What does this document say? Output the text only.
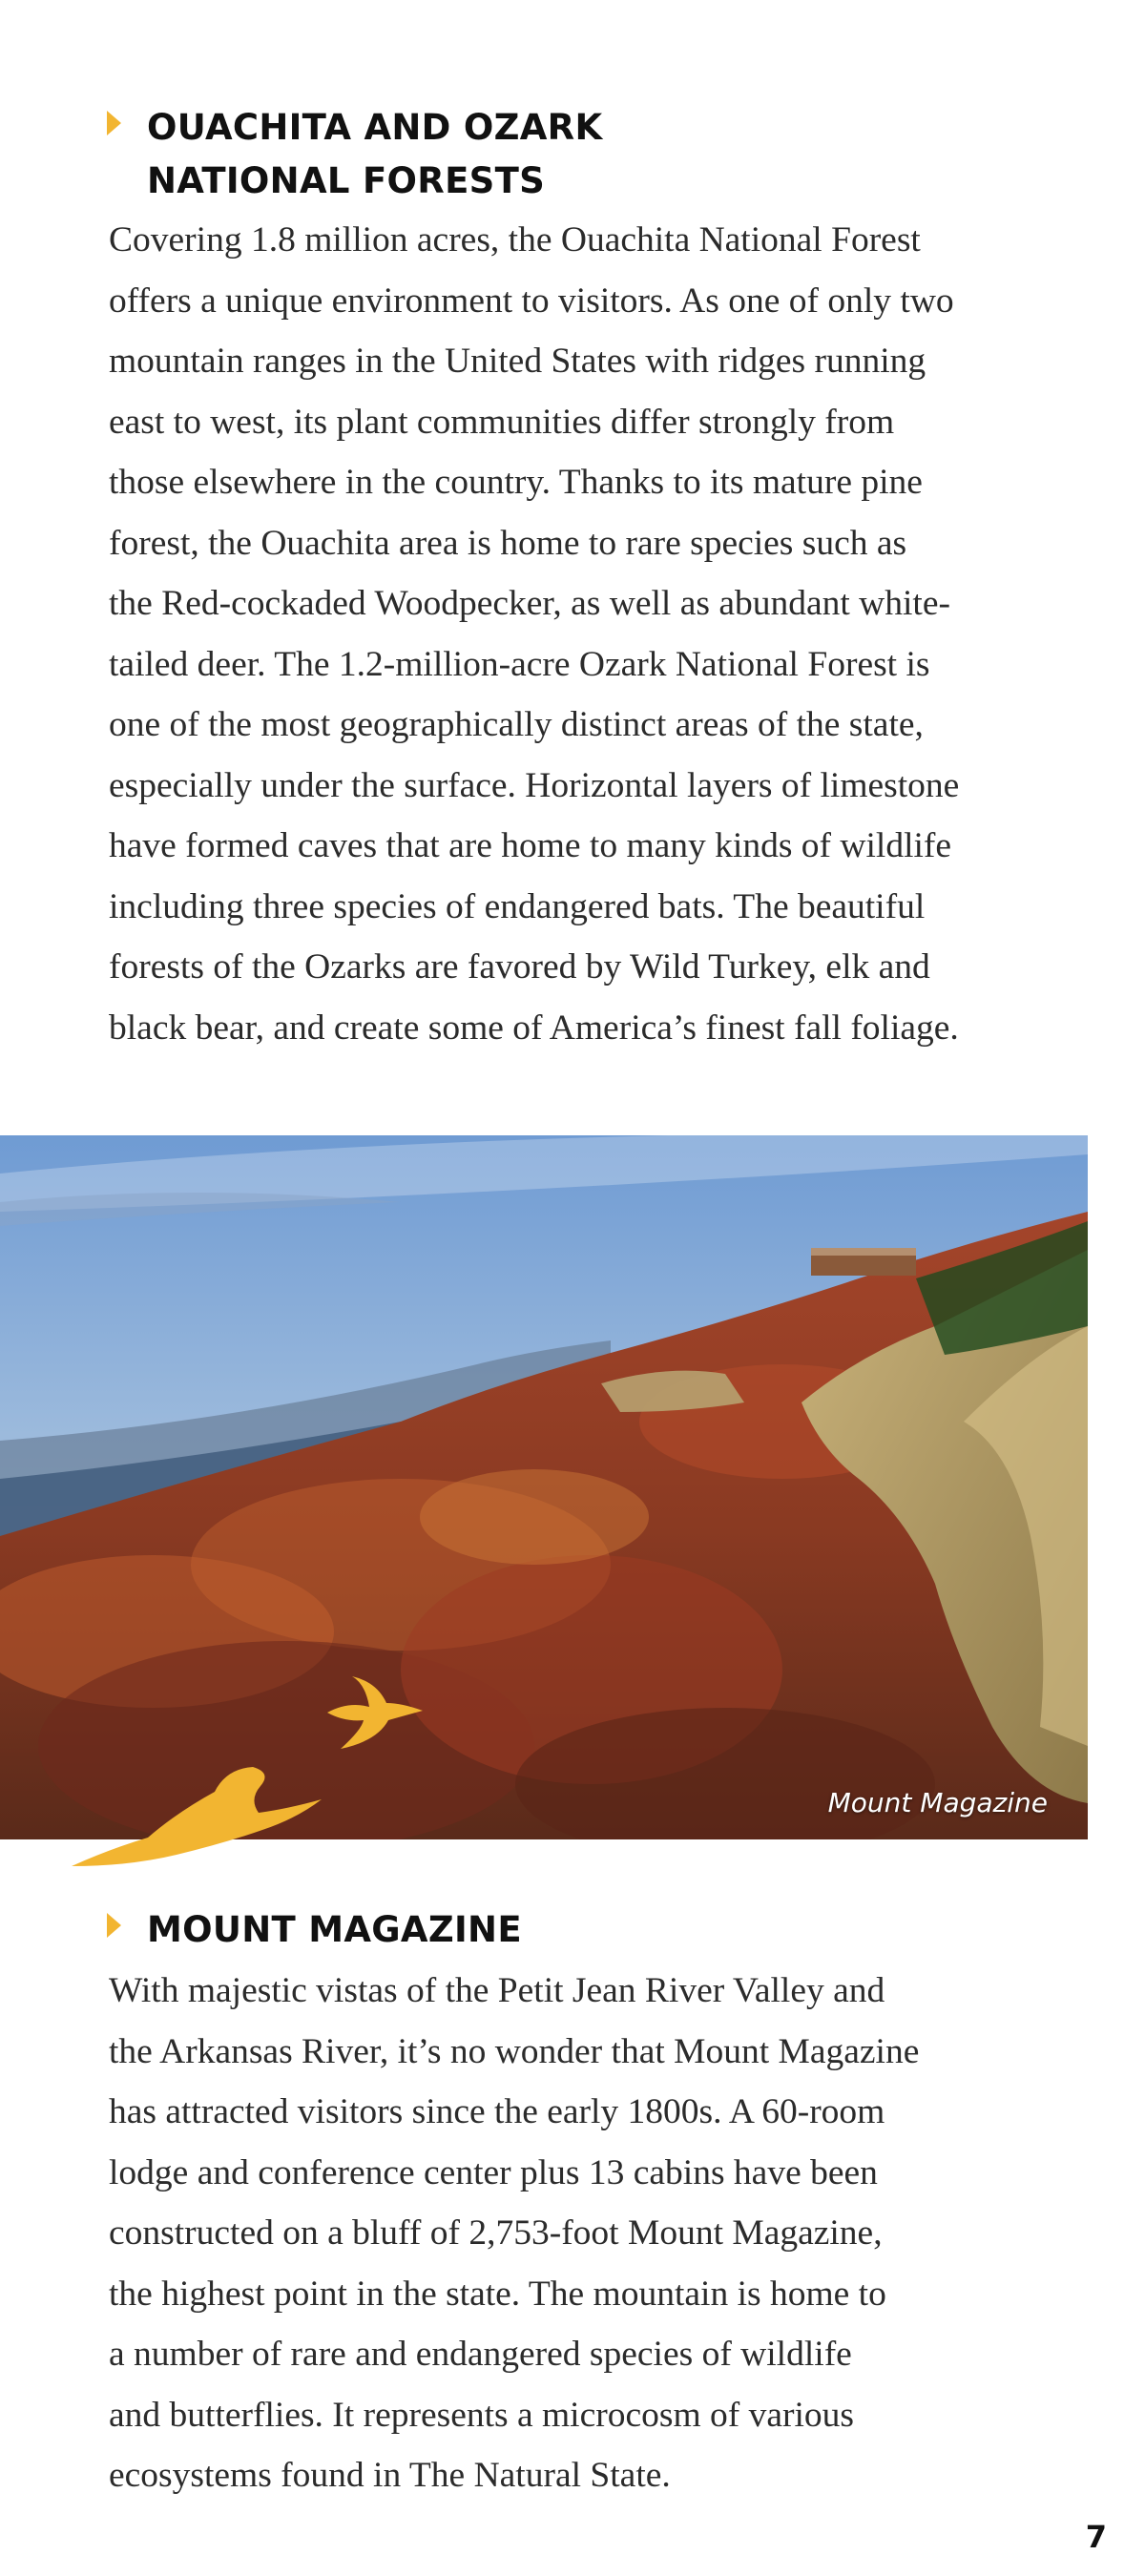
OUACHITA AND OZARK
NATIONAL FORESTS
Covering 1.8 million acres, the Ouachita National Forest
offers a unique environment to visitors. As one of only two
mountain ranges in the United States with ridges running
east to west, its plant communities differ strongly from
those elsewhere in the country. Thanks to its mature pine
forest, the Ouachita area is home to rare species such as
the Red-cockaded Woodpecker, as well as abundant white-
tailed deer. The 1.2-million-acre Ozark National Forest is
one of the most geographically distinct areas of the state,
especially under the surface. Horizontal layers of limestone
have formed caves that are home to many kinds of wildlife
including three species of endangered bats. The beautiful
forests of the Ozarks are favored by Wild Turkey, elk and
black bear, and create some of America’s finest fall foliage.
Mount Magazine
MOUNT MAGAZINE
With majestic vistas of the Petit Jean River Valley and
the Arkansas River, it’s no wonder that Mount Magazine
has attracted visitors since the early 1800s. A 60-room
lodge and conference center plus 13 cabins have been
constructed on a bluff of 2,753-foot Mount Magazine,
the highest point in the state. The mountain is home to
a number of rare and endangered species of wildlife
and butterflies. It represents a microcosm of various
ecosystems found in The Natural State.
7
